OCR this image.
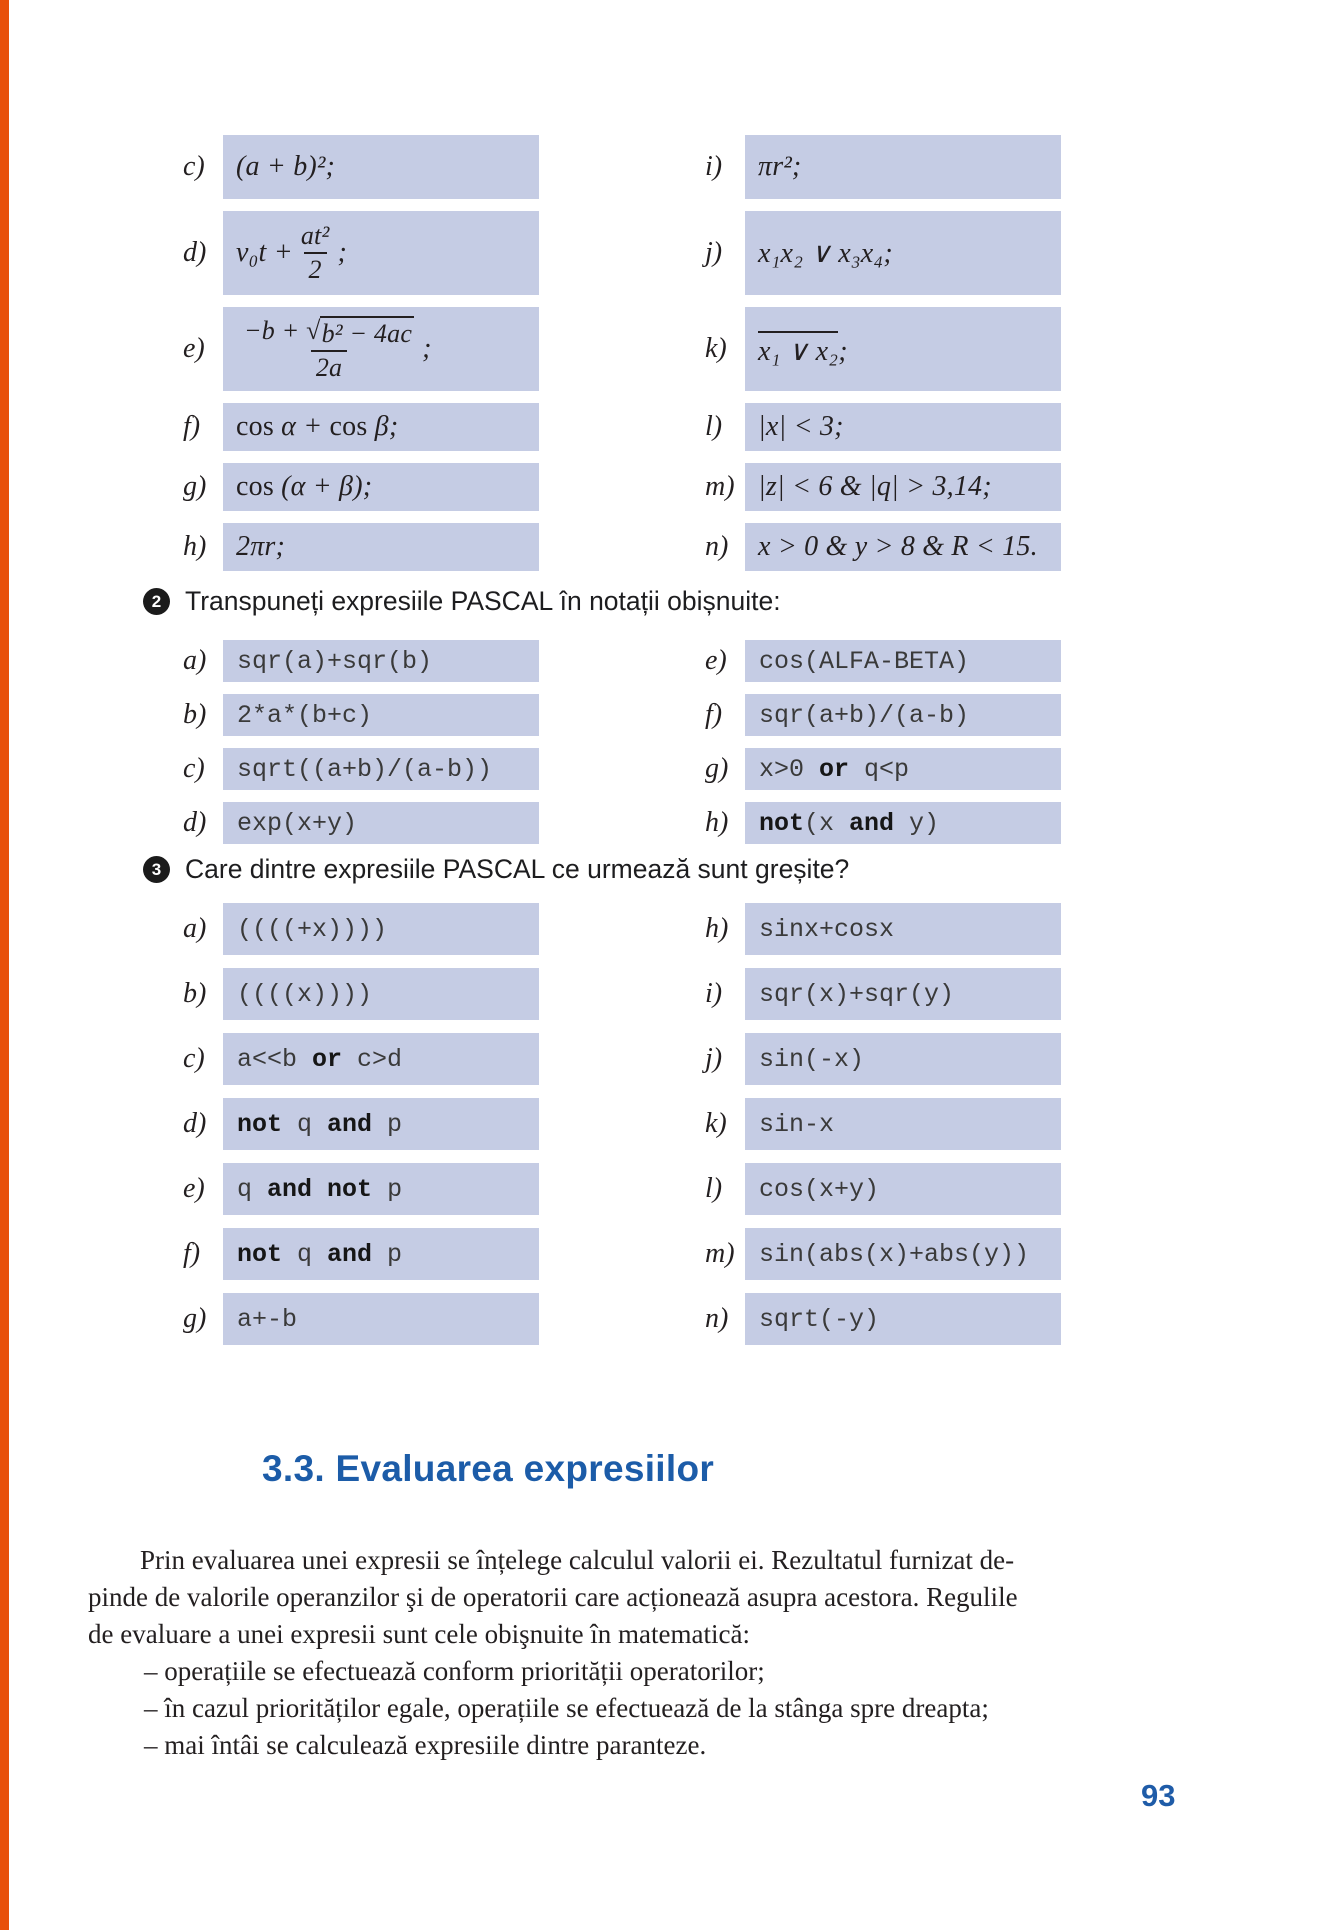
c)	(a + b)²;
d)	$v_0t + \frac{\text{at²}}{2}$ ;
e)	$\frac{\text{−b + √ b² − 4ac}}{2a}$ ;
f)	cos α + cos β;
g)	cos (α + β);
h)	2πr;
i)	πr²;
j)	x₁x₂ ∨ x₃x₄;
k)	x₁ ∨ x₂;
l)	|x| < 3;
m) |z| < 6 & |q| > 3,14;
n)	x > 0 & y > 8 & R < 15.
2 Transpuneți expresiile PASCAL în notații obișnuite:
a)	sqr(a)+sqr(b)
b)	2*a*(b+c)
c)	sqrt((a+b)/(a-b))
d)	exp(x+y)
e)	cos(ALFA-BETA)
f)	sqr(a+b)/(a-b)
g)	x>0 or q<p
h)	not(x and y)
3 Care dintre expresiile PASCAL ce urmează sunt greșite?
a)	((((+x))))
b)	((((x))))
c)	a<<b or c>d
d)	not q and p
e)	q and not p
f)	not q and p
g)	a+-b
h)	sinx+cosx
i)	sqr(x)+sqr(y)
j)	sin(-x)
k)	sin-x
l)	cos(x+y)
m) sin(abs(x)+abs(y))
n)	sqrt(-y)
3.3. Evaluarea expresiilor
Prin evaluarea unei expresii se înțelege calculul valorii ei. Rezultatul furnizat de-
pinde de valorile operanzilor şi de operatorii care acționează asupra acestora. Regulile
de evaluare a unei expresii sunt cele obişnuite în matematică:
– operațiile se efectuează conform priorității operatorilor;
– în cazul priorităților egale, operațiile se efectuează de la stânga spre dreapta;
– mai întâi se calculează expresiile dintre paranteze.
93
